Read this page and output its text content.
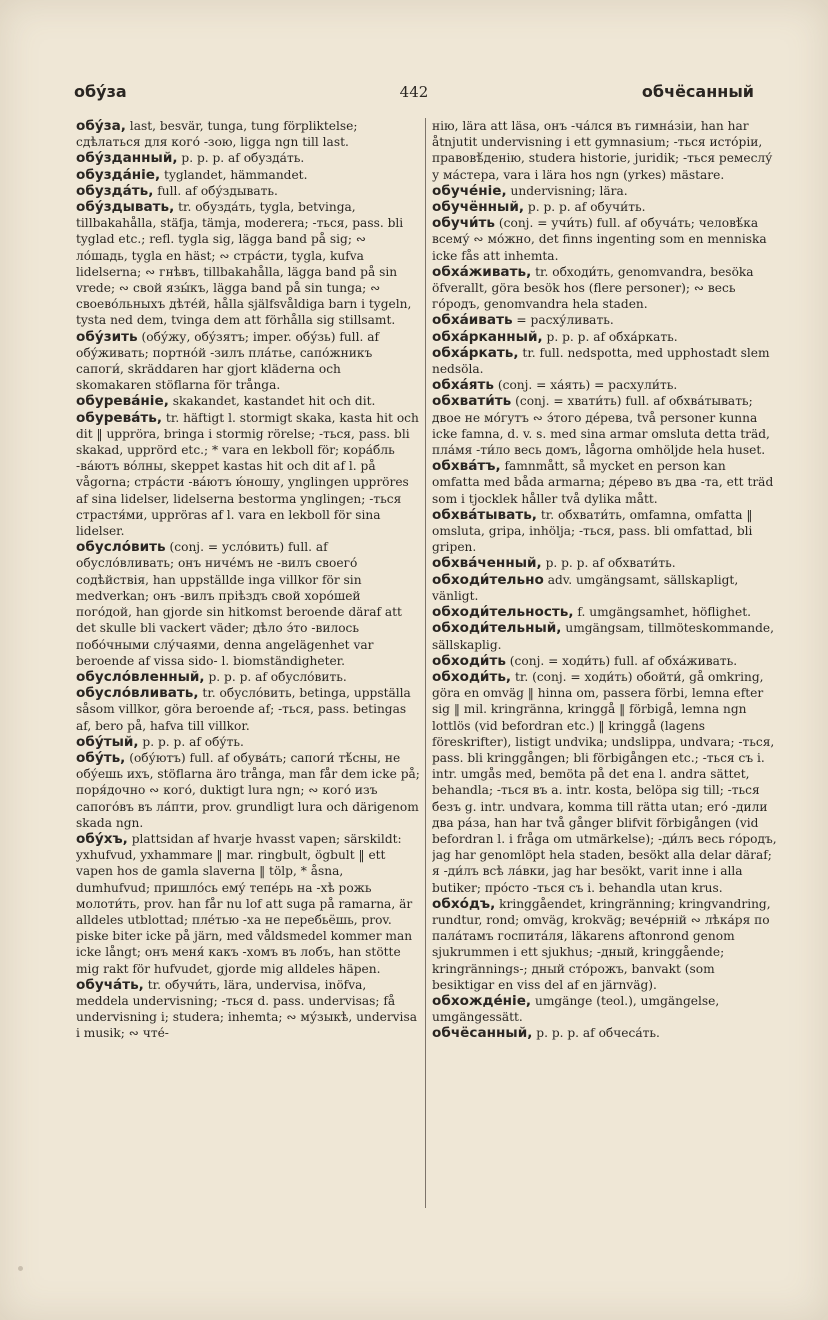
обу́за	442	обчёсанный
обу́за, last, besvär, tunga, tung förpliktelse; сдѣлаться для кого́ -зою, ligga ngn till last.
обу́зданный, p. p. p. af обузда́ть.
обузда́ніе, tyglandet, hämmandet.
обузда́ть, full. af обу́здывать.
обу́здывать, tr. обузда́ть, tygla, betvinga, tillbakahålla, stäfja, tämja, moderera; -ться, pass. bli tyglad etc.; refl. tygla sig, lägga band på sig; ∾ ло́шадь, tygla en häst; ∾ стра́сти, tygla, kufva lidelserna; ∾ гнѣвъ, tillbakahålla, lägga band på sin vrede; ∾ свой язы́къ, lägga band på sin tunga; ∾ своево́льныхъ дѣте́й, hålla själfsvåldiga barn i tygeln, tysta ned dem, tvinga dem att förhålla sig stillsamt.
обу́зить (обу́жу, обу́зятъ; imper. обу́зь) full. af обу́живать; портно́й -зилъ пла́тье, сапо́жникъ сапоги́, skräddaren har gjort kläderna och skomakaren stöflarna för trånga.
обурева́ніе, skakandet, kastandet hit och dit.
обурева́ть, tr. häftigt l. stormigt skaka, kasta hit och dit ‖ uppröra, bringa i stormig rörelse; -ться, pass. bli skakad, upprörd etc.; * vara en lekboll för; кора́бль -ва́ютъ во́лны, skeppet kastas hit och dit af l. på vågorna; стра́сти -ва́ютъ ю́ношу, ynglingen uppröres af sina lidelser, lidelserna bestorma ynglingen; -ться страстя́ми, uppröras af l. vara en lekboll för sina lidelser.
обусло́вить (conj. = усло́вить) full. af обусло́вливать; онъ ниче́мъ не -вилъ своего́ содѣйствія, han uppställde inga villkor för sin medverkan; онъ -вилъ пріѣздъ свой хоро́шей пого́дой, han gjorde sin hitkomst beroende däraf att det skulle bli vackert väder; дѣло э́то -вилось побо́чными слу́чаями, denna angelägenhet var beroende af vissa sido- l. biomständigheter.
обусло́вленный, p. p. p. af обусло́вить.
обусло́вливать, tr. обусло́вить, betinga, uppställa såsom villkor, göra beroende af; -ться, pass. betingas af, bero på, hafva till villkor.
обу́тый, p. p. p. af обу́ть.
обу́ть, (обу́ютъ) full. af обува́ть; сапоги́ тѣ́сны, не обу́ешь ихъ, stöflarna äro trånga, man får dem icke på; поря́дочно ∾ кого́, duktigt lura ngn; ∾ кого́ изъ сапого́въ въ ла́пти, prov. grundligt lura och därigenom skada ngn.
обу́хъ, plattsidan af hvarje hvasst vapen; särskildt: yxhufvud, yxhammare ‖ mar. ringbult, ögbult ‖ ett vapen hos de gamla slaverna ‖ tölp, * åsna, dumhufvud; пришло́сь ему́ тепе́рь на -хѣ рожь молоти́ть, prov. han får nu lof att suga på ramarna, är alldeles utblottad; пле́тью -ха не перебьёшь, prov. piske biter icke på järn, med våldsmedel kommer man icke långt; онъ меня́ какъ -хомъ въ лобъ, han stötte mig rakt för hufvudet, gjorde mig alldeles häpen.
обуча́ть, tr. обучи́ть, lära, undervisa, inöfva, meddela undervisning; -ться d. pass. undervisas; få undervisning i; studera; inhemta; ∾ му́зыкѣ, undervisa i musik; ∾ чте́-
нію, lära att läsa, онъ -ча́лся въ гимна́зіи, han har åtnjutit undervisning i ett gymnasium; -ться исто́ріи, правовѣ́денію, studera historie, juridik; -ться ремеслу́ у ма́стера, vara i lära hos ngn (yrkes) mästare.
обуче́ніе, undervisning; lära.
обучённый, p. p. p. af обучи́ть.
обучи́ть (conj. = учи́ть) full. af обуча́ть; человѣ́ка всему́ ∾ мо́жно, det finns ingenting som en menniska icke fås att inhemta.
обха́живать, tr. обходи́ть, genomvandra, besöka öfverallt, göra besök hos (flere personer); ∾ весь го́родъ, genomvandra hela staden.
обха́ивать = расху́ливать.
обха́рканный, p. p. p. af обха́ркать.
обха́ркать, tr. full. nedspotta, med upphostadt slem nedsöla.
обха́ять (conj. = ха́ять) = расхули́ть.
обхвати́ть (conj. = хвати́ть) full. af обхва́тывать; двое не мо́гутъ ∾ э́того де́рева, två personer kunna icke famna, d. v. s. med sina armar omsluta detta träd, пла́мя -ти́ло весь домъ, lågorna omhöljde hela huset.
обхва́тъ, famnmått, så mycket en person kan omfatta med båda armarna; де́рево въ два -та, ett träd som i tjocklek håller två dylika mått.
обхва́тывать, tr. обхвати́ть, omfamna, omfatta ‖ omsluta, gripa, inhölja; -ться, pass. bli omfattad, bli gripen.
обхва́ченный, p. p. p. af обхвати́ть.
обходи́тельно adv. umgängsamt, sällskapligt, vänligt.
обходи́тельность, f. umgängsamhet, höflighet.
обходи́тельный, umgängsam, tillmöteskommande, sällskaplig.
обходи́ть (conj. = ходи́ть) full. af обха́живать.
обходи́ть, tr. (conj. = ходи́ть) обойти́, gå omkring, göra en omväg ‖ hinna om, passera förbi, lemna efter sig ‖ mil. kringränna, kringgå ‖ förbigå, lemna ngn lottlös (vid befordran etc.) ‖ kringgå (lagens föreskrifter), listigt undvika; undslippa, undvara; -ться, pass. bli kringgången; bli förbigången etc.; -ться съ i. intr. umgås med, bemöta på det ena l. andra sättet, behandla; -ться въ a. intr. kosta, belöpa sig till; -ться безъ g. intr. undvara, komma till rätta utan; его́ -дили два ра́за, han har två gånger blifvit förbigången (vid befordran l. i fråga om utmärkelse); -ди́лъ весь го́родъ, jag har genomlöpt hela staden, besökt alla delar däraf; я -ди́лъ всѣ ла́вки, jag har besökt, varit inne i alla butiker; про́сто -ться съ i. behandla utan krus.
обхо́дъ, kringgåendet, kringränning; kringvandring, rundtur, rond; omväg, krokväg; вече́рній ∾ лѣка́ря по пала́тамъ госпита́ля, läkarens aftonrond genom sjukrummen i ett sjukhus; -дный, kringgående; kringrännings-; дный сто́рожъ, banvakt (som besiktigar en viss del af en järnväg).
обхожде́ніе, umgänge (teol.), umgängelse, umgängessätt.
обчёсанный, p. p. p. af обчеса́ть.
